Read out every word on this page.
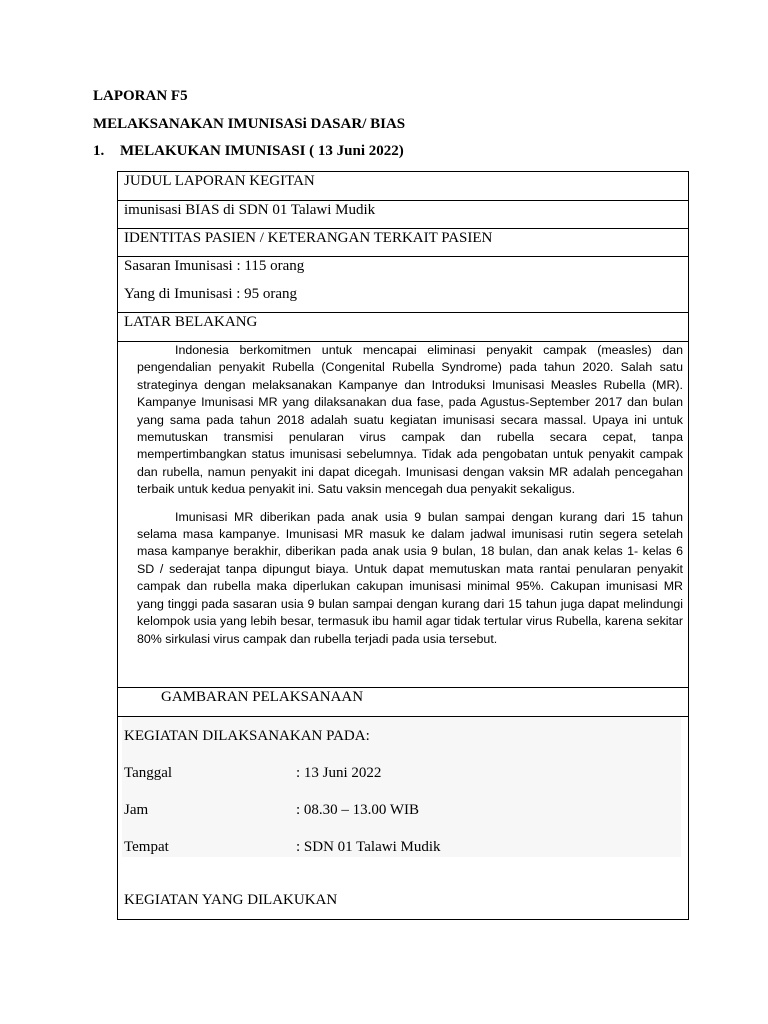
LAPORAN F5
MELAKSANAKAN IMUNISASi DASAR/ BIAS
1. MELAKUKAN IMUNISASI ( 13 Juni 2022)
JUDUL LAPORAN KEGITAN
imunisasi BIAS di SDN 01 Talawi Mudik
IDENTITAS PASIEN / KETERANGAN TERKAIT PASIEN
Sasaran Imunisasi : 115 orang
Yang di Imunisasi : 95 orang
LATAR BELAKANG

Indonesia berkomitmen untuk mencapai eliminasi penyakit campak (measles) dan pengendalian penyakit Rubella (Congenital Rubella Syndrome) pada tahun 2020. Salah satu strateginya dengan melaksanakan Kampanye dan Introduksi Imunisasi Measles Rubella (MR). Kampanye Imunisasi MR yang dilaksanakan dua fase, pada Agustus-September 2017 dan bulan yang sama pada tahun 2018 adalah suatu kegiatan imunisasi secara massal. Upaya ini untuk memutuskan transmisi penularan virus campak dan rubella secara cepat, tanpa mempertimbangkan status imunisasi sebelumnya. Tidak ada pengobatan untuk penyakit campak dan rubella, namun penyakit ini dapat dicegah. Imunisasi dengan vaksin MR adalah pencegahan terbaik untuk kedua penyakit ini. Satu vaksin mencegah dua penyakit sekaligus.

Imunisasi MR diberikan pada anak usia 9 bulan sampai dengan kurang dari 15 tahun selama masa kampanye. Imunisasi MR masuk ke dalam jadwal imunisasi rutin segera setelah masa kampanye berakhir, diberikan pada anak usia 9 bulan, 18 bulan, dan anak kelas 1- kelas 6 SD / sederajat tanpa dipungut biaya. Untuk dapat memutuskan mata rantai penularan penyakit campak dan rubella maka diperlukan cakupan imunisasi minimal 95%. Cakupan imunisasi MR yang tinggi pada sasaran usia 9 bulan sampai dengan kurang dari 15 tahun juga dapat melindungi kelompok usia yang lebih besar, termasuk ibu hamil agar tidak tertular virus Rubella, karena sekitar 80% sirkulasi virus campak dan rubella terjadi pada usia tersebut.

GAMBARAN PELAKSANAAN
KEGIATAN DILAKSANAKAN PADA:
Tanggal	: 13 Juni 2022
Jam	: 08.30 – 13.00 WIB
Tempat	: SDN 01 Talawi Mudik
KEGIATAN YANG DILAKUKAN
